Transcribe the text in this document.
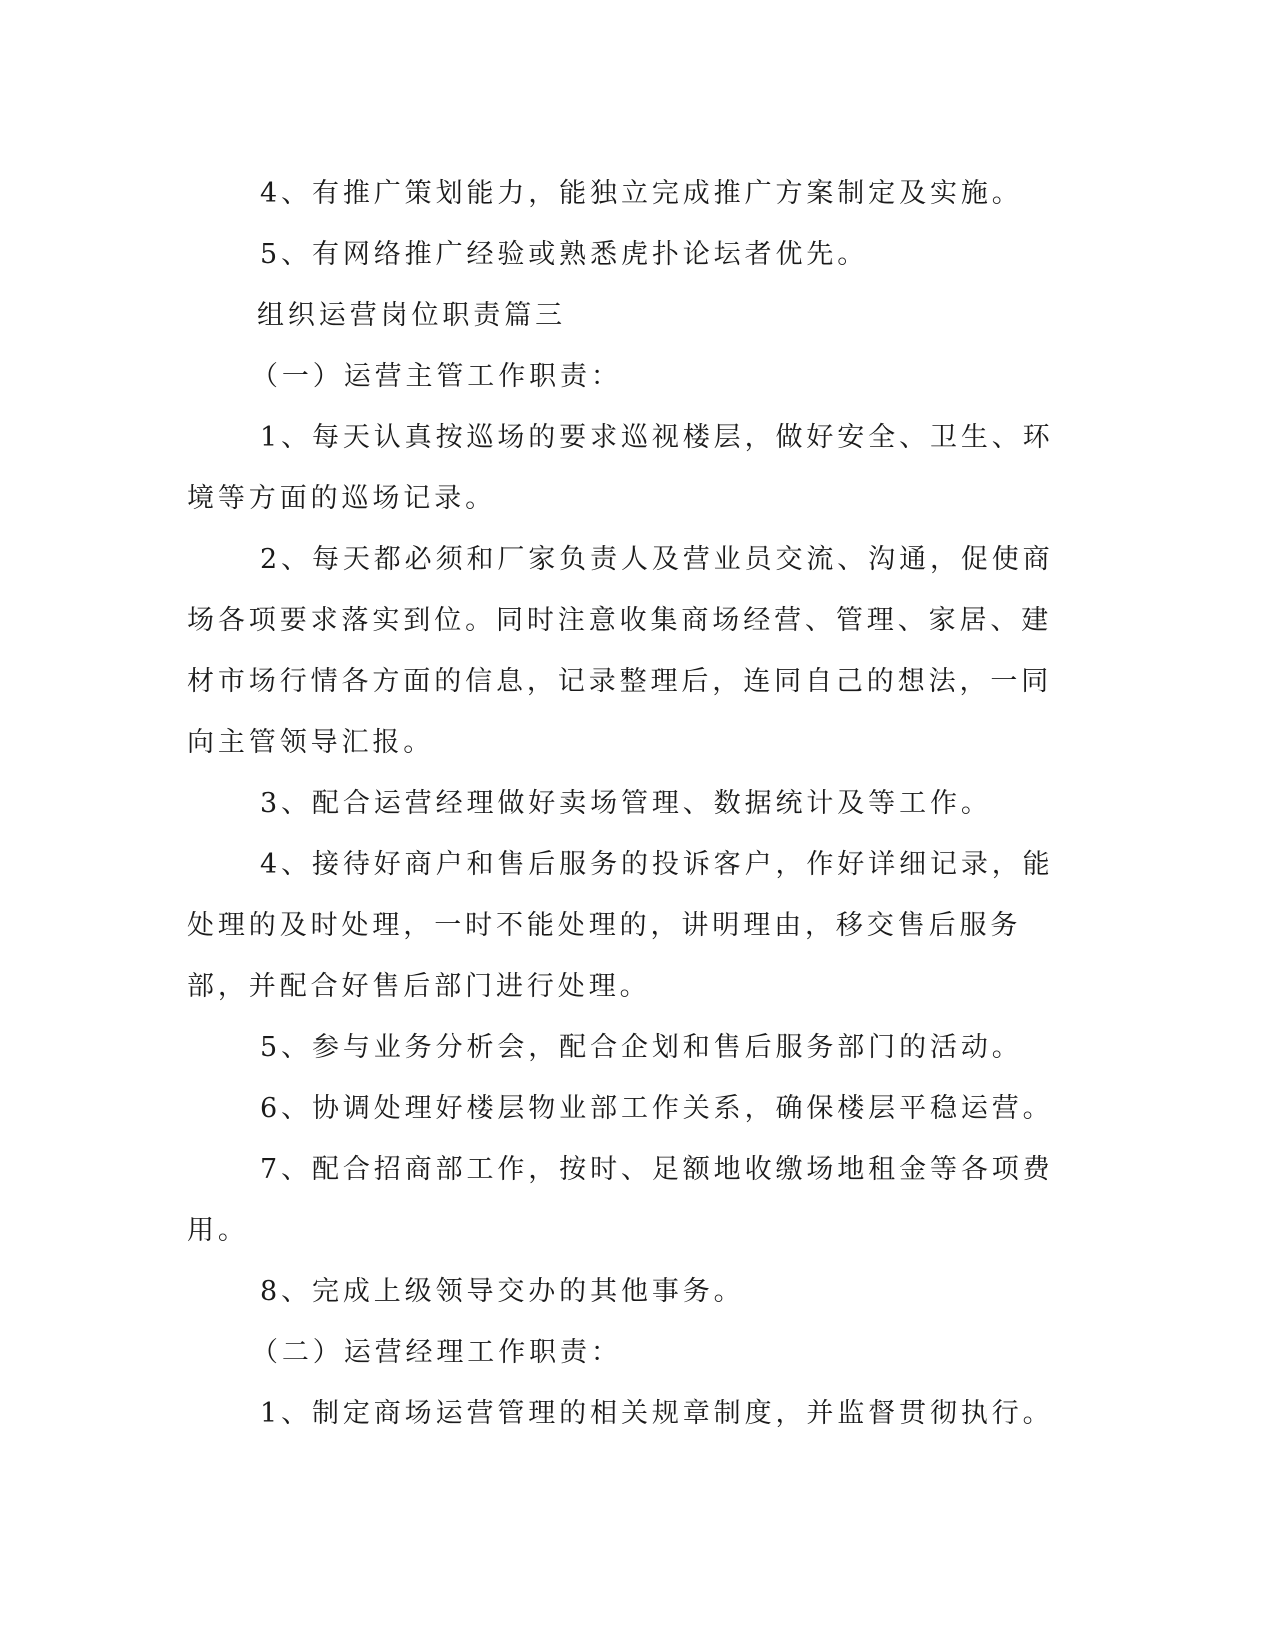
4、有推广策划能力，能独立完成推广方案制定及实施。

5、有网络推广经验或熟悉虎扑论坛者优先。

组织运营岗位职责篇三

（一）运营主管工作职责：

1、每天认真按巡场的要求巡视楼层，做好安全、卫生、环境等方面的巡场记录。

2、每天都必须和厂家负责人及营业员交流、沟通，促使商场各项要求落实到位。同时注意收集商场经营、管理、家居、建材市场行情各方面的信息，记录整理后，连同自己的想法，一同向主管领导汇报。

3、配合运营经理做好卖场管理、数据统计及等工作。

4、接待好商户和售后服务的投诉客户，作好详细记录，能处理的及时处理，一时不能处理的，讲明理由，移交售后服务部，并配合好售后部门进行处理。

5、参与业务分析会，配合企划和售后服务部门的活动。

6、协调处理好楼层物业部工作关系，确保楼层平稳运营。

7、配合招商部工作，按时、足额地收缴场地租金等各项费用。

8、完成上级领导交办的其他事务。

（二）运营经理工作职责：

1、制定商场运营管理的相关规章制度，并监督贯彻执行。
